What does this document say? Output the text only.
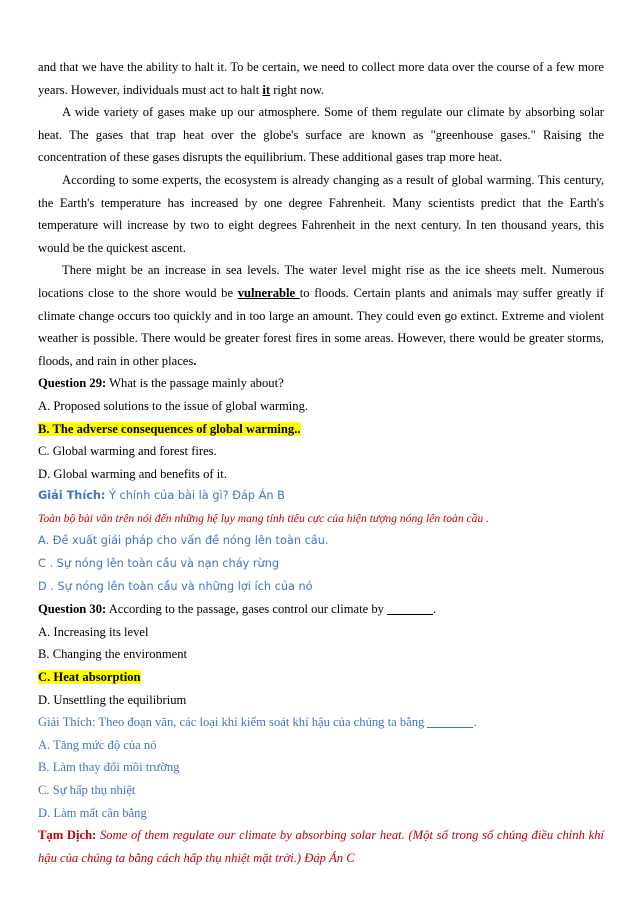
and that we have the ability to halt it. To be certain, we need to collect more data over the course of a few more years. However, individuals must act to halt it right now.

A wide variety of gases make up our atmosphere. Some of them regulate our climate by absorbing solar heat. The gases that trap heat over the globe's surface are known as "greenhouse gases." Raising the concentration of these gases disrupts the equilibrium. These additional gases trap more heat.

According to some experts, the ecosystem is already changing as a result of global warming. This century, the Earth's temperature has increased by one degree Fahrenheit. Many scientists predict that the Earth's temperature will increase by two to eight degrees Fahrenheit in the next century. In ten thousand years, this would be the quickest ascent.

There might be an increase in sea levels. The water level might rise as the ice sheets melt. Numerous locations close to the shore would be vulnerable to floods. Certain plants and animals may suffer greatly if climate change occurs too quickly and in too large an amount. They could even go extinct. Extreme and violent weather is possible. There would be greater forest fires in some areas. However, there would be greater storms, floods, and rain in other places.

Question 29: What is the passage mainly about?

A. Proposed solutions to the issue of global warming.

B. The adverse consequences of global warming..

C. Global warming and forest fires.

D. Global warming and benefits of it.

Giải Thích: Ý chính của bài là gì? Đáp Án B

Toàn bộ bài văn trên nói đến những hệ lụy mang tính tiêu cực của hiện tượng nóng lên toàn cầu .

A. Đề xuất giải pháp cho vấn đề nóng lên toàn cầu.

C . Sự nóng lên toàn cầu và nạn cháy rừng

D . Sự nóng lên toàn cầu và những lợi ích của nó

Question 30: According to the passage, gases control our climate by	.

A. Increasing its level

B. Changing the environment

C. Heat absorption

D. Unsettling the equilibrium

Giải Thích: Theo đoạn văn, các loại khí kiểm soát khí hậu của chúng ta bằng	.

A. Tăng mức độ của nó

B. Làm thay đổi môi trường

C. Sự hấp thụ nhiệt

D. Làm mất cân bằng

Tạm Dịch: Some of them regulate our climate by absorbing solar heat. (Một số trong số chúng điều chỉnh khí hậu của chúng ta bằng cách hấp thụ nhiệt mặt trời.) Đáp Án C
